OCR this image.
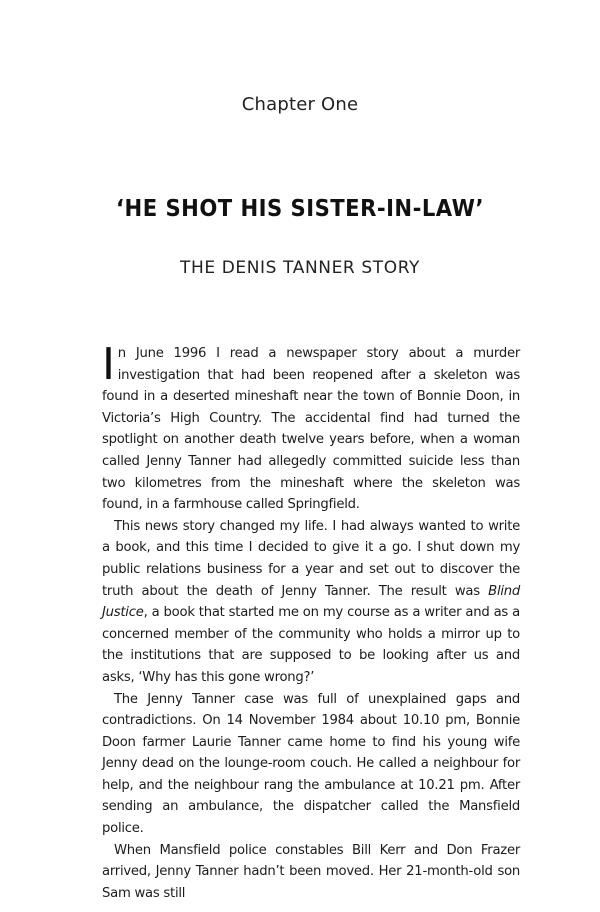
Chapter One
‘HE SHOT HIS SISTER-IN-LAW’
THE DENIS TANNER STORY

In June 1996 I read a newspaper story about a murder investigation that had been reopened after a skeleton was found in a deserted mineshaft near the town of Bonnie Doon, in Victoria’s High Country. The accidental find had turned the spotlight on another death twelve years before, when a woman called Jenny Tanner had allegedly committed suicide less than two kilometres from the mineshaft where the skeleton was found, in a farmhouse called Springfield.

This news story changed my life. I had always wanted to write a book, and this time I decided to give it a go. I shut down my public relations business for a year and set out to discover the truth about the death of Jenny Tanner. The result was Blind Justice, a book that started me on my course as a writer and as a concerned member of the community who holds a mirror up to the institutions that are supposed to be looking after us and asks, ‘Why has this gone wrong?’

The Jenny Tanner case was full of unexplained gaps and contradictions. On 14 November 1984 about 10.10 pm, Bonnie Doon farmer Laurie Tanner came home to find his young wife Jenny dead on the lounge-room couch. He called a neighbour for help, and the neighbour rang the ambulance at 10.21 pm. After sending an ambulance, the dispatcher called the Mansfield police.

When Mansfield police constables Bill Kerr and Don Frazer arrived, Jenny Tanner hadn’t been moved. Her 21-month-old son Sam was still
